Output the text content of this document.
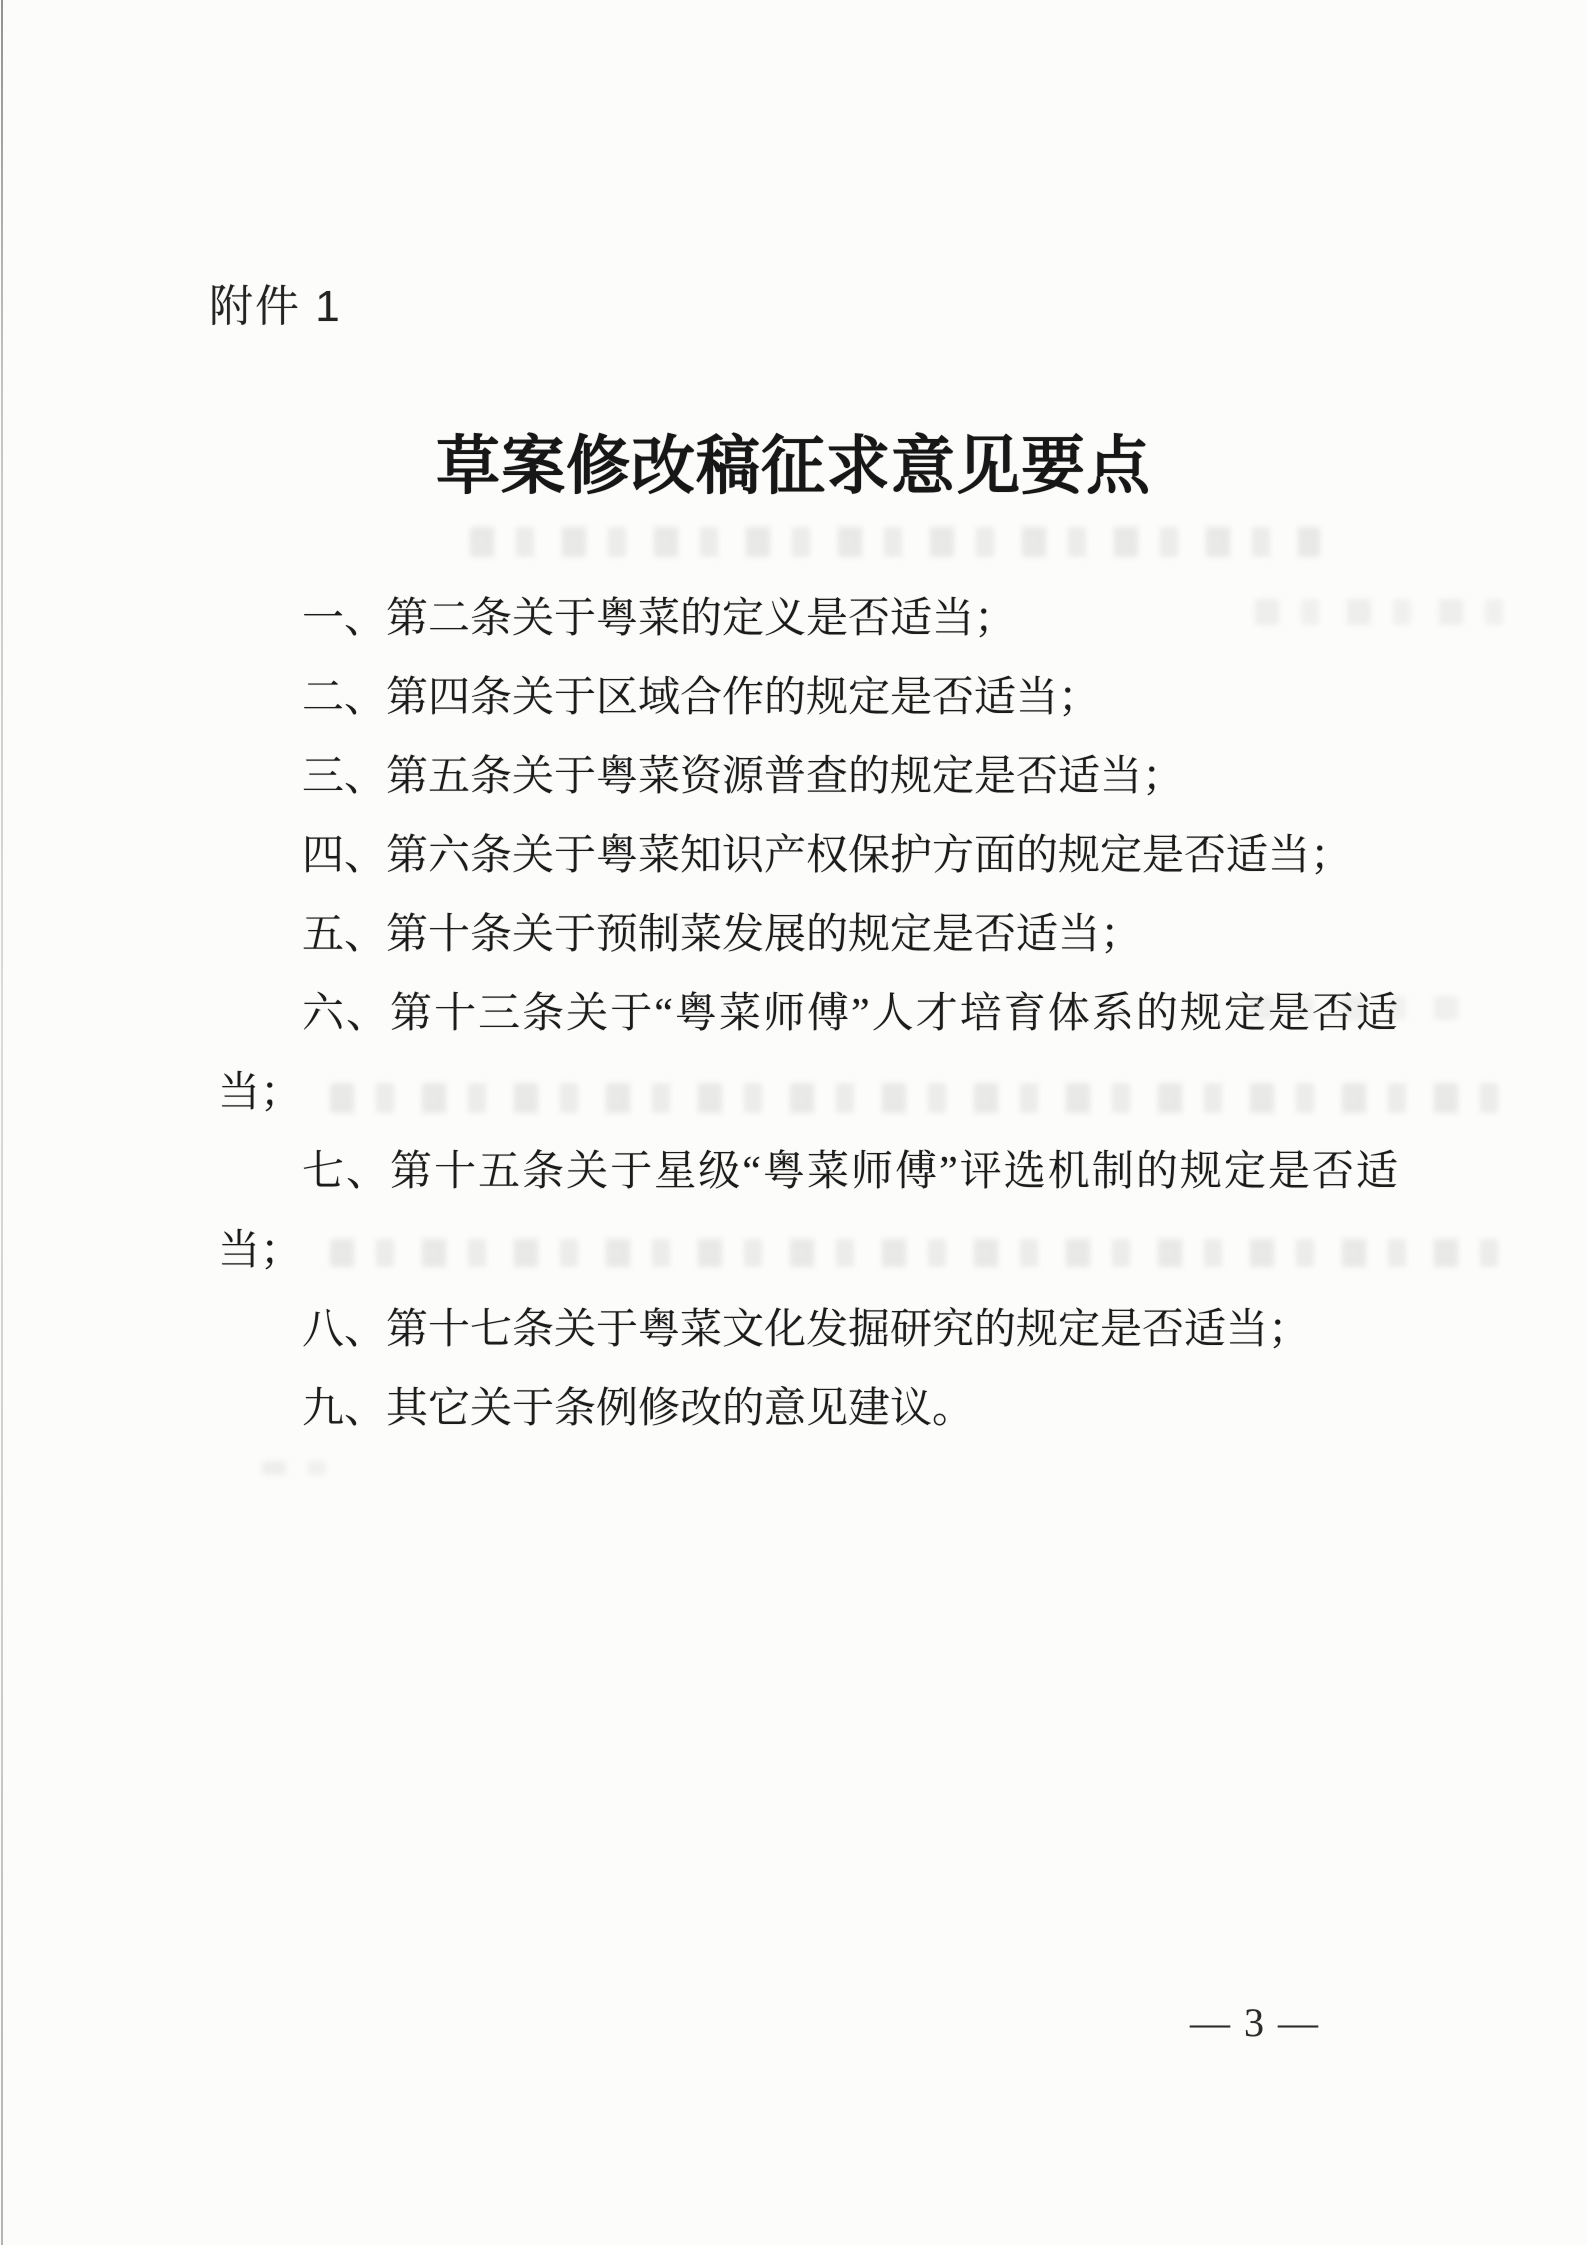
附件 1
草案修改稿征求意见要点
一、第二条关于粤菜的定义是否适当；
二、第四条关于区域合作的规定是否适当；
三、第五条关于粤菜资源普查的规定是否适当；
四、第六条关于粤菜知识产权保护方面的规定是否适当；
五、第十条关于预制菜发展的规定是否适当；
六、第十三条关于“粤菜师傅”人才培育体系的规定是否适
当；
七、第十五条关于星级“粤菜师傅”评选机制的规定是否适
当；
八、第十七条关于粤菜文化发掘研究的规定是否适当；
九、其它关于条例修改的意见建议。
— 3 —
